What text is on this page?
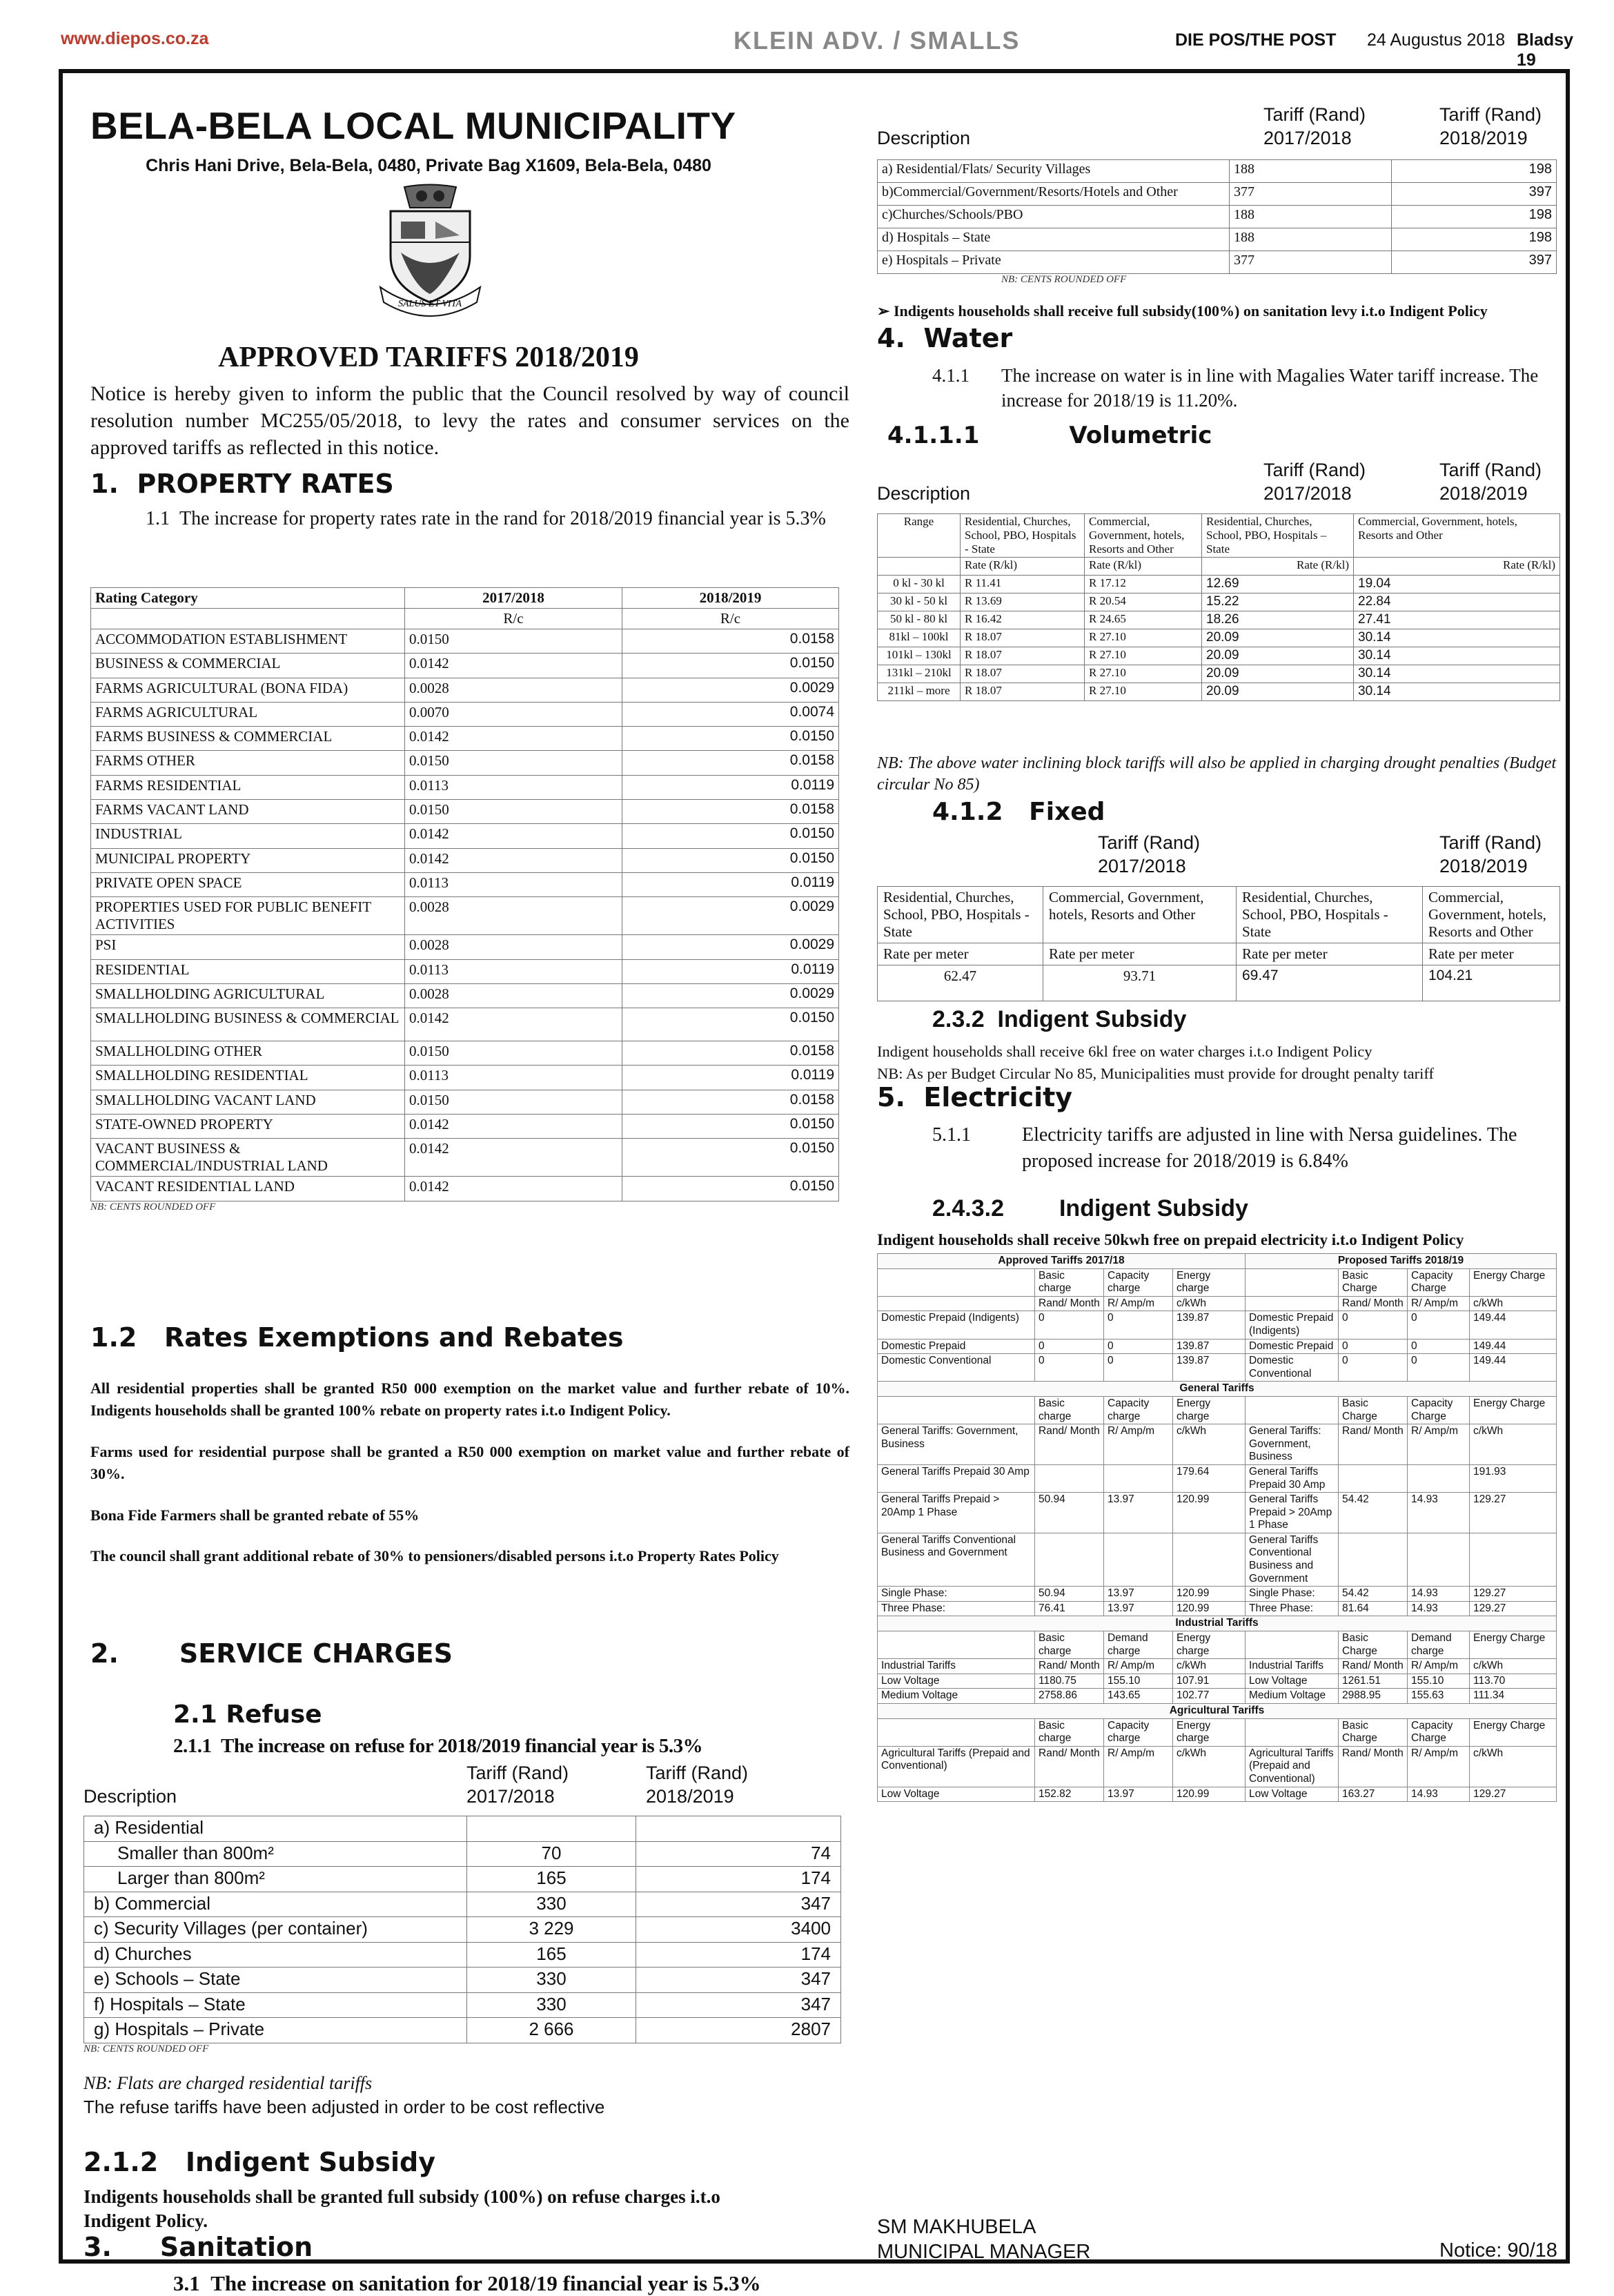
www.diepos.co.za	KLEIN ADV. / SMALLS	DIE POS/THE POST 24 Augustus 2018 Bladsy 19
BELA-BELA LOCAL MUNICIPALITY
Chris Hani Drive, Bela-Bela, 0480, Private Bag X1609, Bela-Bela, 0480
SALUS ET VITA
APPROVED TARIFFS 2018/2019
Notice is hereby given to inform the public that the Council resolved by way of council resolution number MC255/05/2018, to levy the rates and consumer services on the approved tariffs as reflected in this notice.
1. PROPERTY RATES
1.1 The increase for property rates rate in the rand for 2018/2019 financial year is 5.3%
Rating Category	2017/2018	2018/2019
	R/c	R/c
ACCOMMODATION ESTABLISHMENT	0.0150	0.0158
BUSINESS & COMMERCIAL	0.0142	0.0150
FARMS AGRICULTURAL (BONA FIDA)	0.0028	0.0029
FARMS AGRICULTURAL	0.0070	0.0074
FARMS BUSINESS & COMMERCIAL	0.0142	0.0150
FARMS OTHER	0.0150	0.0158
FARMS RESIDENTIAL	0.0113	0.0119
FARMS VACANT LAND	0.0150	0.0158
INDUSTRIAL	0.0142	0.0150
MUNICIPAL PROPERTY	0.0142	0.0150
PRIVATE OPEN SPACE	0.0113	0.0119
PROPERTIES USED FOR PUBLIC BENEFIT ACTIVITIES	0.0028	0.0029
PSI	0.0028	0.0029
RESIDENTIAL	0.0113	0.0119
SMALLHOLDING AGRICULTURAL	0.0028	0.0029
SMALLHOLDING BUSINESS & COMMERCIAL	0.0142	0.0150
SMALLHOLDING OTHER	0.0150	0.0158
SMALLHOLDING RESIDENTIAL	0.0113	0.0119
SMALLHOLDING VACANT LAND	0.0150	0.0158
STATE-OWNED PROPERTY	0.0142	0.0150
VACANT BUSINESS & COMMERCIAL/INDUSTRIAL LAND	0.0142	0.0150
VACANT RESIDENTIAL LAND	0.0142	0.0150
NB: CENTS ROUNDED OFF
1.2 Rates Exemptions and Rebates

All residential properties shall be granted R50 000 exemption on the market value and further rebate of 10%. Indigents households shall be granted 100% rebate on property rates i.t.o Indigent Policy.

Farms used for residential purpose shall be granted a R50 000 exemption on market value and further rebate of 30%.

Bona Fide Farmers shall be granted rebate of 55%

The council shall grant additional rebate of 30% to pensioners/disabled persons i.t.o Property Rates Policy

2. SERVICE CHARGES
2.1 Refuse
2.1.1 The increase on refuse for 2018/2019 financial year is 5.3%
Description
Tariff (Rand)
2017/2018
Tariff (Rand)
2018/2019
a) Residential		
Smaller than 800m²	70	74
Larger than 800m²	165	174
b) Commercial	330	347
c) Security Villages (per container)	3 229	3400
d) Churches	165	174
e) Schools – State	330	347
f) Hospitals – State	330	347
g) Hospitals – Private	2 666	2807
NB: CENTS ROUNDED OFF
NB: Flats are charged residential tariffs
The refuse tariffs have been adjusted in order to be cost reflective
2.1.2 Indigent Subsidy
Indigents households shall be granted full subsidy (100%) on refuse charges i.t.o Indigent Policy.
3. Sanitation
3.1 The increase on sanitation for 2018/19 financial year is 5.3%
Description
Tariff (Rand)
2017/2018
Tariff (Rand)
2018/2019
a) Residential/Flats/ Security Villages	188	198
b)Commercial/Government/Resorts/Hotels and Other	377	397
c)Churches/Schools/PBO	188	198
d) Hospitals – State	188	198
e) Hospitals – Private	377	397
NB: CENTS ROUNDED OFF
➢ Indigents households shall receive full subsidy(100%) on sanitation levy i.t.o Indigent Policy
4. Water
4.1.1	The increase on water is in line with Magalies Water tariff increase. The increase for 2018/19 is 11.20%.
4.1.1.1	Volumetric
Description
Tariff (Rand)
2017/2018
Tariff (Rand)
2018/2019
Range	Residential, Churches, School, PBO, Hospitals - State	Commercial, Government, hotels, Resorts and Other	Residential, Churches, School, PBO, Hospitals – State	Commercial, Government, hotels, Resorts and Other
	Rate (R/kl)	Rate (R/kl)	Rate (R/kl)	Rate (R/kl)
0 kl - 30 kl	R 11.41	R 17.12	12.69	19.04
30 kl - 50 kl	R 13.69	R 20.54	15.22	22.84
50 kl - 80 kl	R 16.42	R 24.65	18.26	27.41
81kl – 100kl	R 18.07	R 27.10	20.09	30.14
101kl – 130kl	R 18.07	R 27.10	20.09	30.14
131kl – 210kl	R 18.07	R 27.10	20.09	30.14
211kl – more	R 18.07	R 27.10	20.09	30.14
NB: The above water inclining block tariffs will also be applied in charging drought penalties (Budget circular No 85)
4.1.2 Fixed
Tariff (Rand)
2017/2018
Tariff (Rand)
2018/2019
Residential, Churches, School, PBO, Hospitals - State	Commercial, Government, hotels, Resorts and Other	Residential, Churches, School, PBO, Hospitals - State	Commercial, Government, hotels, Resorts and Other
Rate per meter	Rate per meter	Rate per meter	Rate per meter
62.47	93.71	69.47	104.21
2.3.2 Indigent Subsidy
Indigent households shall receive 6kl free on water charges i.t.o Indigent Policy
NB: As per Budget Circular No 85, Municipalities must provide for drought penalty tariff
5. Electricity
5.1.1	Electricity tariffs are adjusted in line with Nersa guidelines. The proposed increase for 2018/2019 is 6.84%
2.4.3.2 Indigent Subsidy
Indigent households shall receive 50kwh free on prepaid electricity i.t.o Indigent Policy
Approved Tariffs 2017/18				Proposed Tariffs 2018/19			
	Basic charge	Capacity charge	Energy charge		Basic Charge	Capacity Charge	Energy Charge
	Rand/ Month	R/ Amp/m	c/kWh		Rand/ Month	R/ Amp/m	c/kWh
Domestic Prepaid (Indigents)	0	0	139.87	Domestic Prepaid (Indigents)	0	0	149.44
Domestic Prepaid	0	0	139.87	Domestic Prepaid	0	0	149.44
Domestic Conventional	0	0	139.87	Domestic Conventional	0	0	149.44
General Tariffs							
	Basic charge	Capacity charge	Energy charge		Basic Charge	Capacity Charge	Energy Charge
General Tariffs: Government, Business	Rand/ Month	R/ Amp/m	c/kWh	General Tariffs: Government, Business	Rand/ Month	R/ Amp/m	c/kWh
General Tariffs Prepaid 30 Amp			179.64	General Tariffs Prepaid 30 Amp			191.93
General Tariffs Prepaid > 20Amp 1 Phase	50.94	13.97	120.99	General Tariffs Prepaid > 20Amp 1 Phase	54.42	14.93	129.27
General Tariffs Conventional Business and Government				General Tariffs Conventional Business and Government			
Single Phase:	50.94	13.97	120.99	Single Phase:	54.42	14.93	129.27
Three Phase:	76.41	13.97	120.99	Three Phase:	81.64	14.93	129.27
Industrial Tariffs							
	Basic charge	Demand charge	Energy charge		Basic Charge	Demand charge	Energy Charge
Industrial Tariffs	Rand/ Month	R/ Amp/m	c/kWh	Industrial Tariffs	Rand/ Month	R/ Amp/m	c/kWh
Low Voltage	1180.75	155.10	107.91	Low Voltage	1261.51	155.10	113.70
Medium Voltage	2758.86	143.65	102.77	Medium Voltage	2988.95	155.63	111.34
Agricultural Tariffs							
	Basic charge	Capacity charge	Energy charge		Basic Charge	Capacity Charge	Energy Charge
Agricultural Tariffs (Prepaid and Conventional)	Rand/ Month	R/ Amp/m	c/kWh	Agricultural Tariffs (Prepaid and Conventional)	Rand/ Month	R/ Amp/m	c/kWh
Low Voltage	152.82	13.97	120.99	Low Voltage	163.27	14.93	129.27
SM MAKHUBELA
MUNICIPAL MANAGER	Notice: 90/18
